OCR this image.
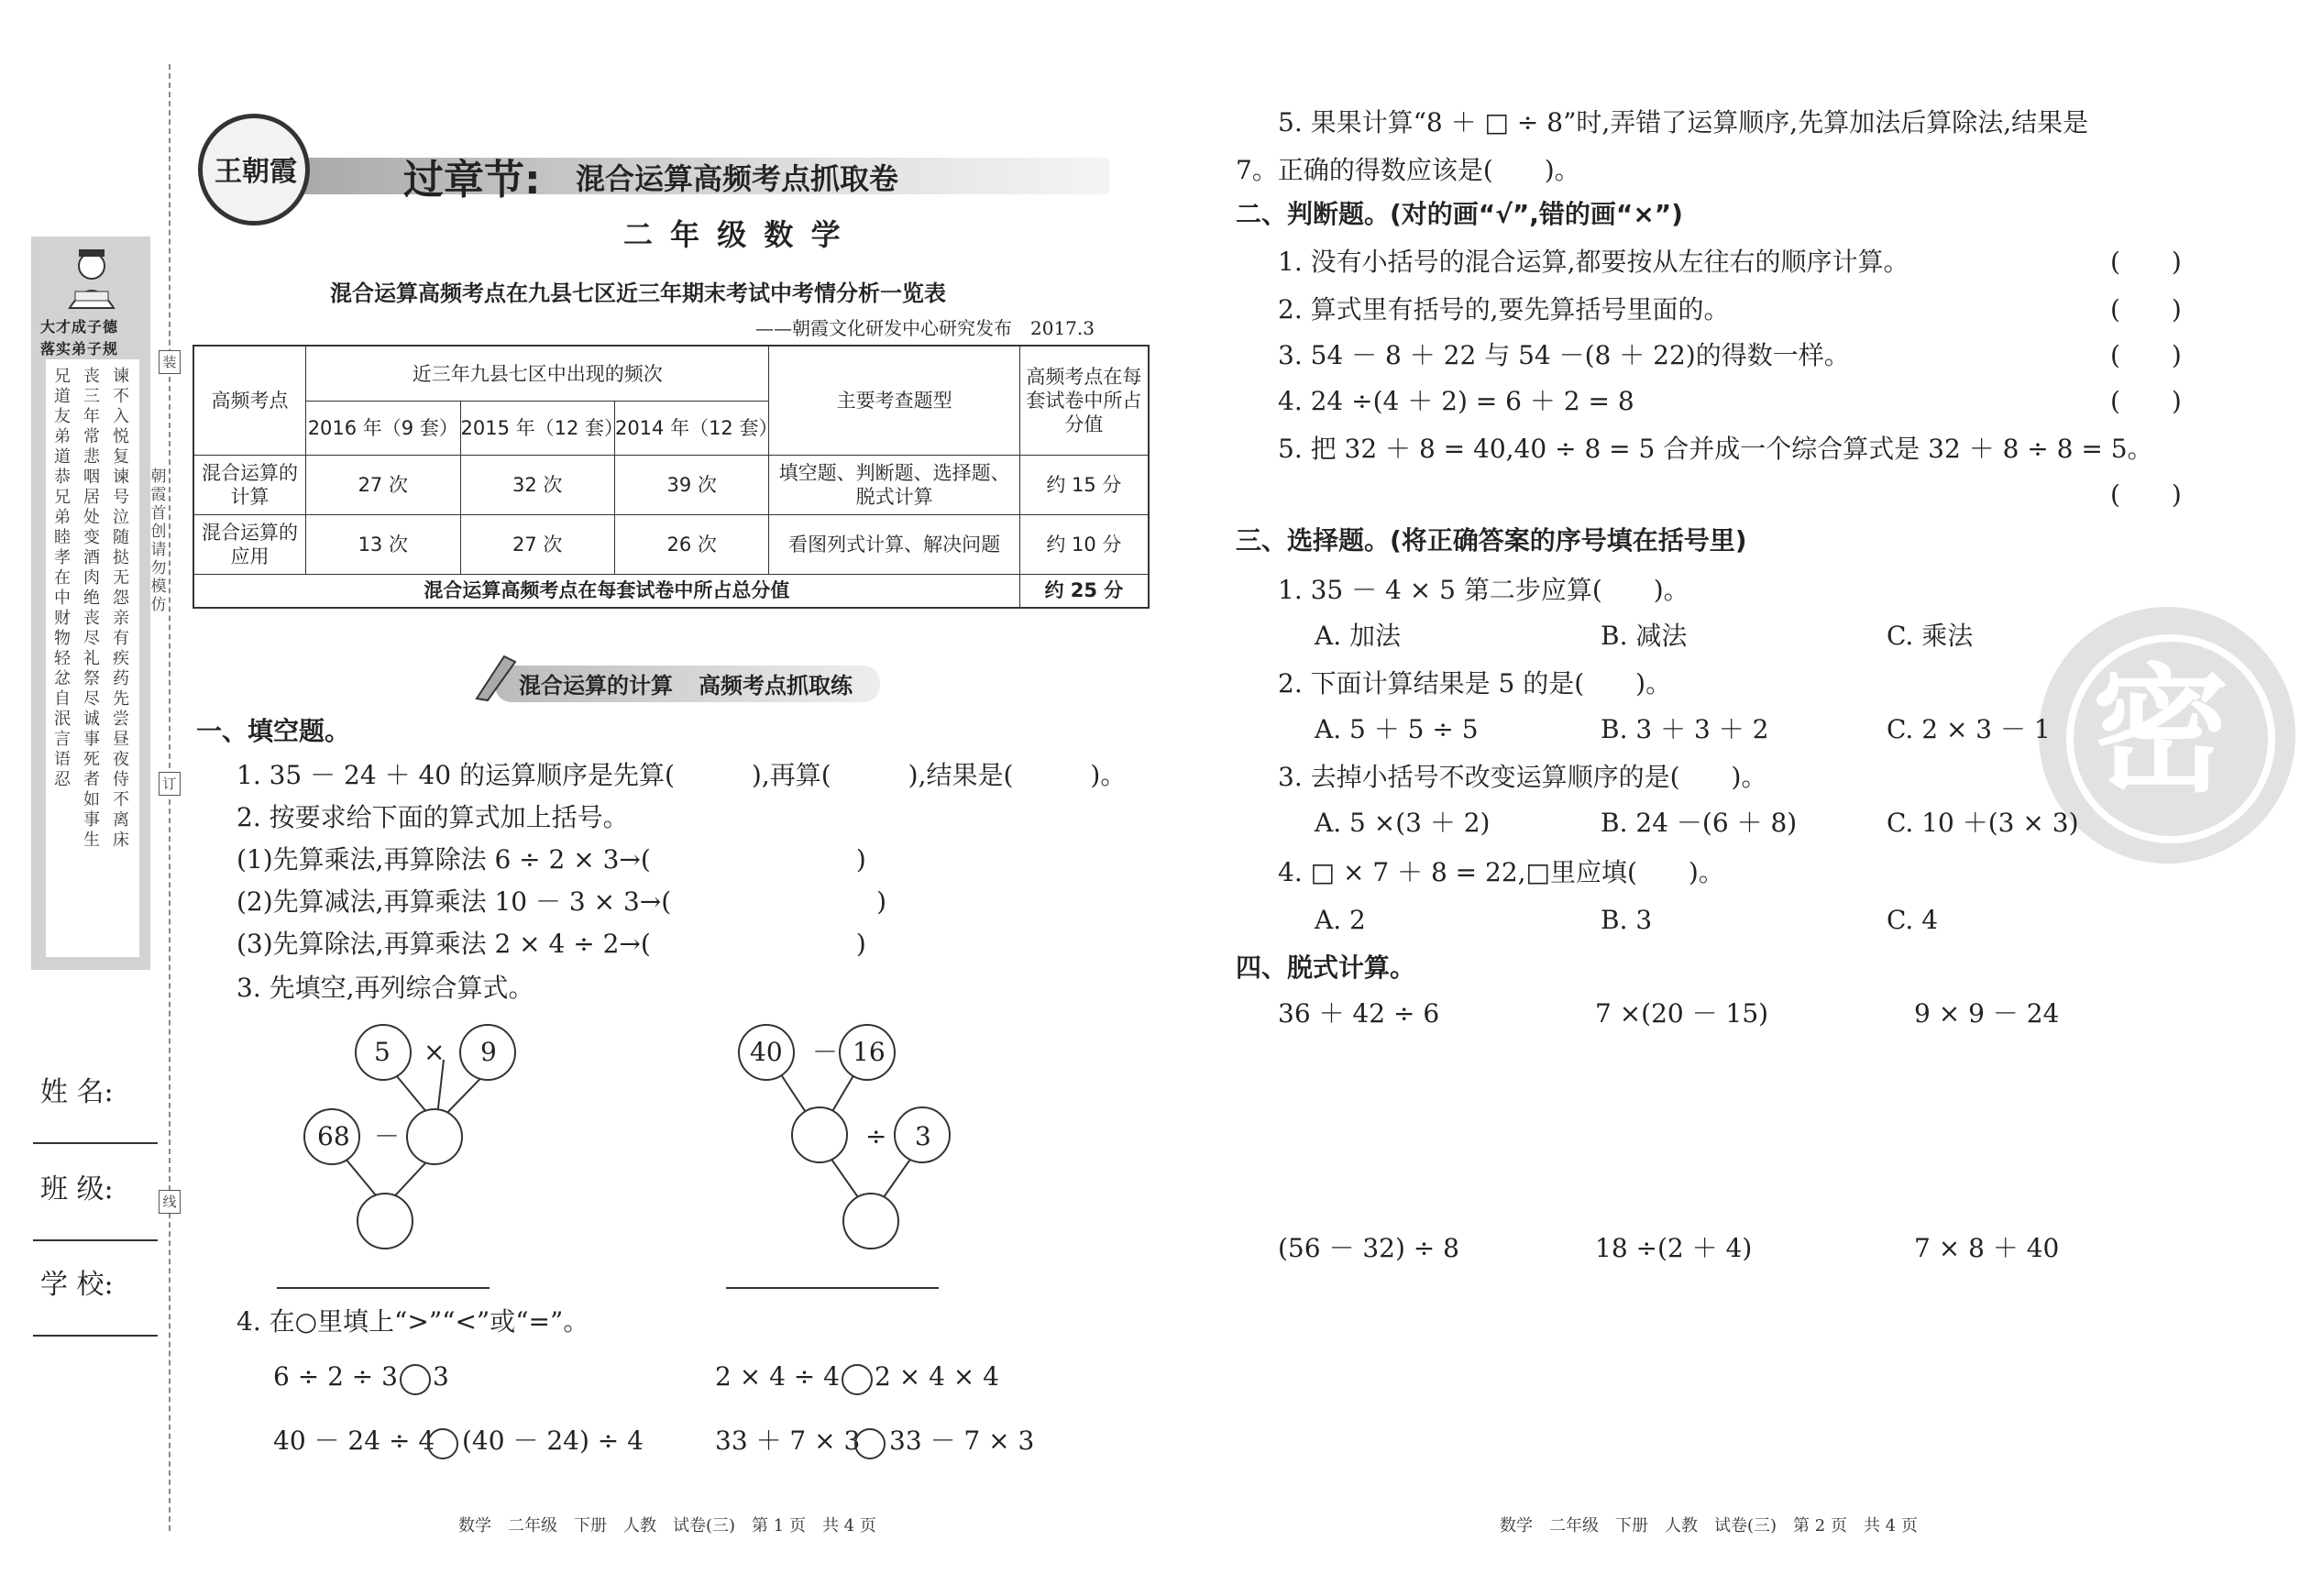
大才成子德
落实弟子规
兄道友弟道恭兄弟睦孝在中财物轻忿自泯言语忍
丧三年常悲咽居处变酒肉绝丧尽礼祭尽诚事死者如事生
谏不入悦复谏号泣随挞无怨亲有疾药先尝昼夜侍不离床
装
朝霞首创 请勿模仿
订
线
姓 名:
班 级:
学 校:
王朝霞	过章节: 混合运算高频考点抓取卷
二 年 级 数 学
混合运算高频考点在九县七区近三年期末考试中考情分析一览表
——朝霞文化研发中心研究发布　2017.3
高频考点	近三年九县七区中出现的频次			主要考查题型	高频考点在每套试卷中所占分值
	2016 年（9 套）	2015 年（12 套）	2014 年（12 套）		
混合运算的计算	27 次	32 次	39 次	填空题、判断题、选择题、脱式计算	约 15 分
混合运算的应用	13 次	27 次	26 次	看图列式计算、解决问题	约 10 分
混合运算高频考点在每套试卷中所占总分值					约 25 分
混合运算的计算 高频考点抓取练
一、填空题。
1. 35 － 24 ＋ 40 的运算顺序是先算(　　　),再算(　　　),结果是(　　　)。
2. 按要求给下面的算式加上括号。
(1)先算乘法,再算除法 6 ÷ 2 × 3→(　　　　　　　　)
(2)先算减法,再算乘法 10 － 3 × 3→(　　　　　　　　)
(3)先算除法,再算乘法 2 × 4 ÷ 2→(　　　　　　　　)
3. 先填空,再列综合算式。
5 × 9
68 －
40 － 16
÷ 3
4. 在○里填上“>”“<”或“=”。
6 ÷ 2 ÷ 3 3	2 × 4 ÷ 4 2 × 4 × 4
40 － 24 ÷ 4 (40 － 24) ÷ 4	33 ＋ 7 × 3 33 － 7 × 3
数学　二年级　下册　人教　试卷(三)　第 1 页　共 4 页
密
5. 果果计算“8 ＋ □ ÷ 8”时,弄错了运算顺序,先算加法后算除法,结果是
7。正确的得数应该是(　　)。
二、判断题。(对的画“√”,错的画“×”)
1. 没有小括号的混合运算,都要按从左往右的顺序计算。	(　　)
2. 算式里有括号的,要先算括号里面的。	(　　)
3. 54 － 8 ＋ 22 与 54 －(8 ＋ 22)的得数一样。	(　　)
4. 24 ÷(4 ＋ 2) = 6 ＋ 2 = 8	(　　)
5. 把 32 ＋ 8 = 40,40 ÷ 8 = 5 合并成一个综合算式是 32 ＋ 8 ÷ 8 = 5。
(　　)
三、选择题。(将正确答案的序号填在括号里)
1. 35 － 4 × 5 第二步应算(　　)。
A. 加法	B. 减法	C. 乘法
2. 下面计算结果是 5 的是(　　)。
A. 5 ＋ 5 ÷ 5	B. 3 ＋ 3 ＋ 2	C. 2 × 3 － 1
3. 去掉小括号不改变运算顺序的是(　　)。
A. 5 ×(3 ＋ 2)	B. 24 －(6 ＋ 8)	C. 10 ＋(3 × 3)
4. □ × 7 ＋ 8 = 22,□里应填(　　)。
A. 2	B. 3	C. 4
四、脱式计算。
36 ＋ 42 ÷ 6	7 ×(20 － 15)	9 × 9 － 24
(56 － 32) ÷ 8	18 ÷(2 ＋ 4)	7 × 8 ＋ 40
数学　二年级　下册　人教　试卷(三)　第 2 页　共 4 页
